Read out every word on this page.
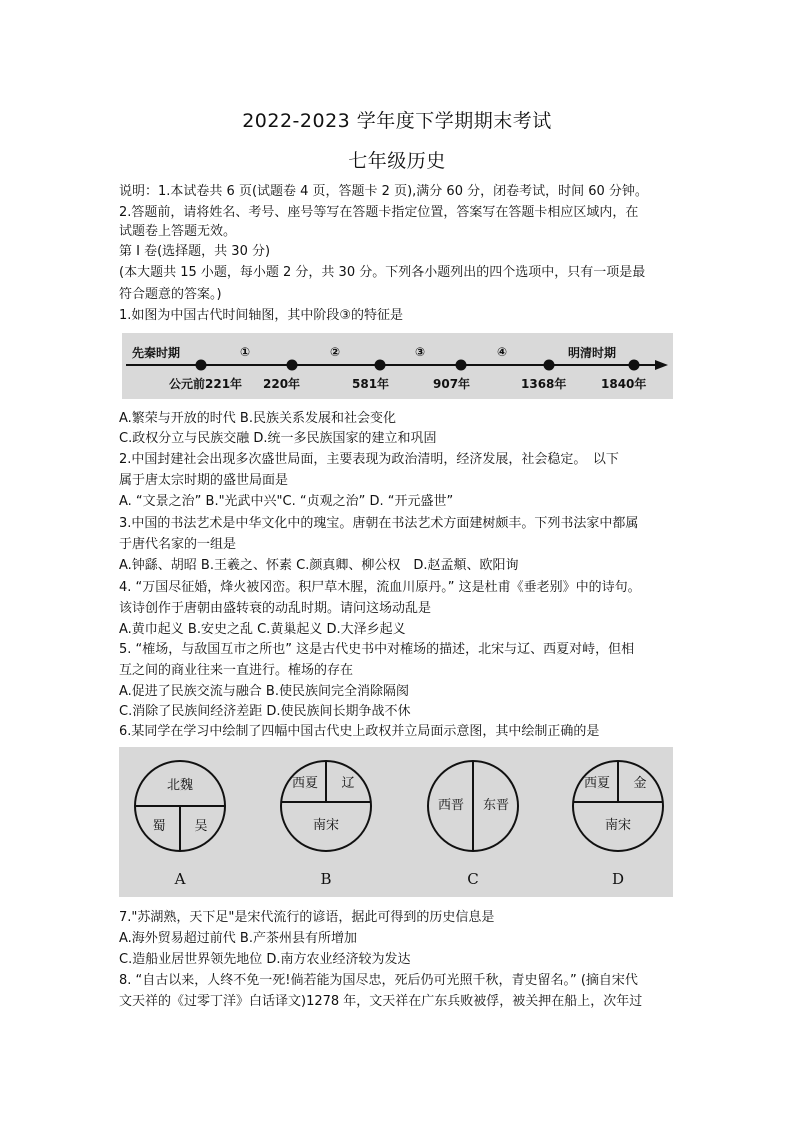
2022-2023 学年度下学期期末考试
七年级历史
说明：1.本试卷共 6 页(试题卷 4 页，答题卡 2 页),满分 60 分，闭卷考试，时间 60 分钟。
2.答题前，请将姓名、考号、座号等写在答题卡指定位置，答案写在答题卡相应区域内，在
试题卷上答题无效。
第 I 卷(选择题，共 30 分)
(本大题共 15 小题，每小题 2 分，共 30 分。下列各小题列出的四个选项中，只有一项是最
符合题意的答案。)
1.如图为中国古代时间轴图，其中阶段③的特征是
先秦时期	明清时期
①	②	③	④
公元前221年 220年	581年	907年	1368年	1840年
A.繁荣与开放的时代 B.民族关系发展和社会变化
C.政权分立与民族交融 D.统一多民族国家的建立和巩固
2.中国封建社会出现多次盛世局面，主要表现为政治清明，经济发展，社会稳定。　以下
属于唐太宗时期的盛世局面是
A. “文景之治” B."光武中兴"C. “贞观之治” D. “开元盛世”
3.中国的书法艺术是中华文化中的瑰宝。唐朝在书法艺术方面建树颇丰。下列书法家中都属
于唐代名家的一组是
A.钟繇、胡昭 B.王羲之、怀素 C.颜真卿、柳公权　D.赵孟頫、欧阳询
4. “万国尽征婚，烽火被冈峦。积尸草木腥，流血川原丹。” 这是杜甫《垂老别》中的诗句。
该诗创作于唐朝由盛转衰的动乱时期。请问这场动乱是
A.黄巾起义 B.安史之乱 C.黄巢起义 D.大泽乡起义
5. “榷场，与敌国互市之所也” 这是古代史书中对榷场的描述，北宋与辽、西夏对峙，但相
互之间的商业往来一直进行。榷场的存在
A.促进了民族交流与融合 B.使民族间完全消除隔阂
C.消除了民族间经济差距 D.使民族间长期争战不休
6.某同学在学习中绘制了四幅中国古代史上政权并立局面示意图，其中绘制正确的是
北魏
蜀 吴
A
西夏 辽
南宋
B
西晋 东晋
C
西夏 金
南宋
D
7."苏湖熟，天下足"是宋代流行的谚语，据此可得到的历史信息是
A.海外贸易超过前代 B.产茶州县有所增加
C.造船业居世界领先地位 D.南方农业经济较为发达
8. “自古以来，人终不免一死!倘若能为国尽忠，死后仍可光照千秋，青史留名。” (摘自宋代
文天祥的《过零丁洋》白话译文)1278 年，文天祥在广东兵败被俘，被关押在船上，次年过
